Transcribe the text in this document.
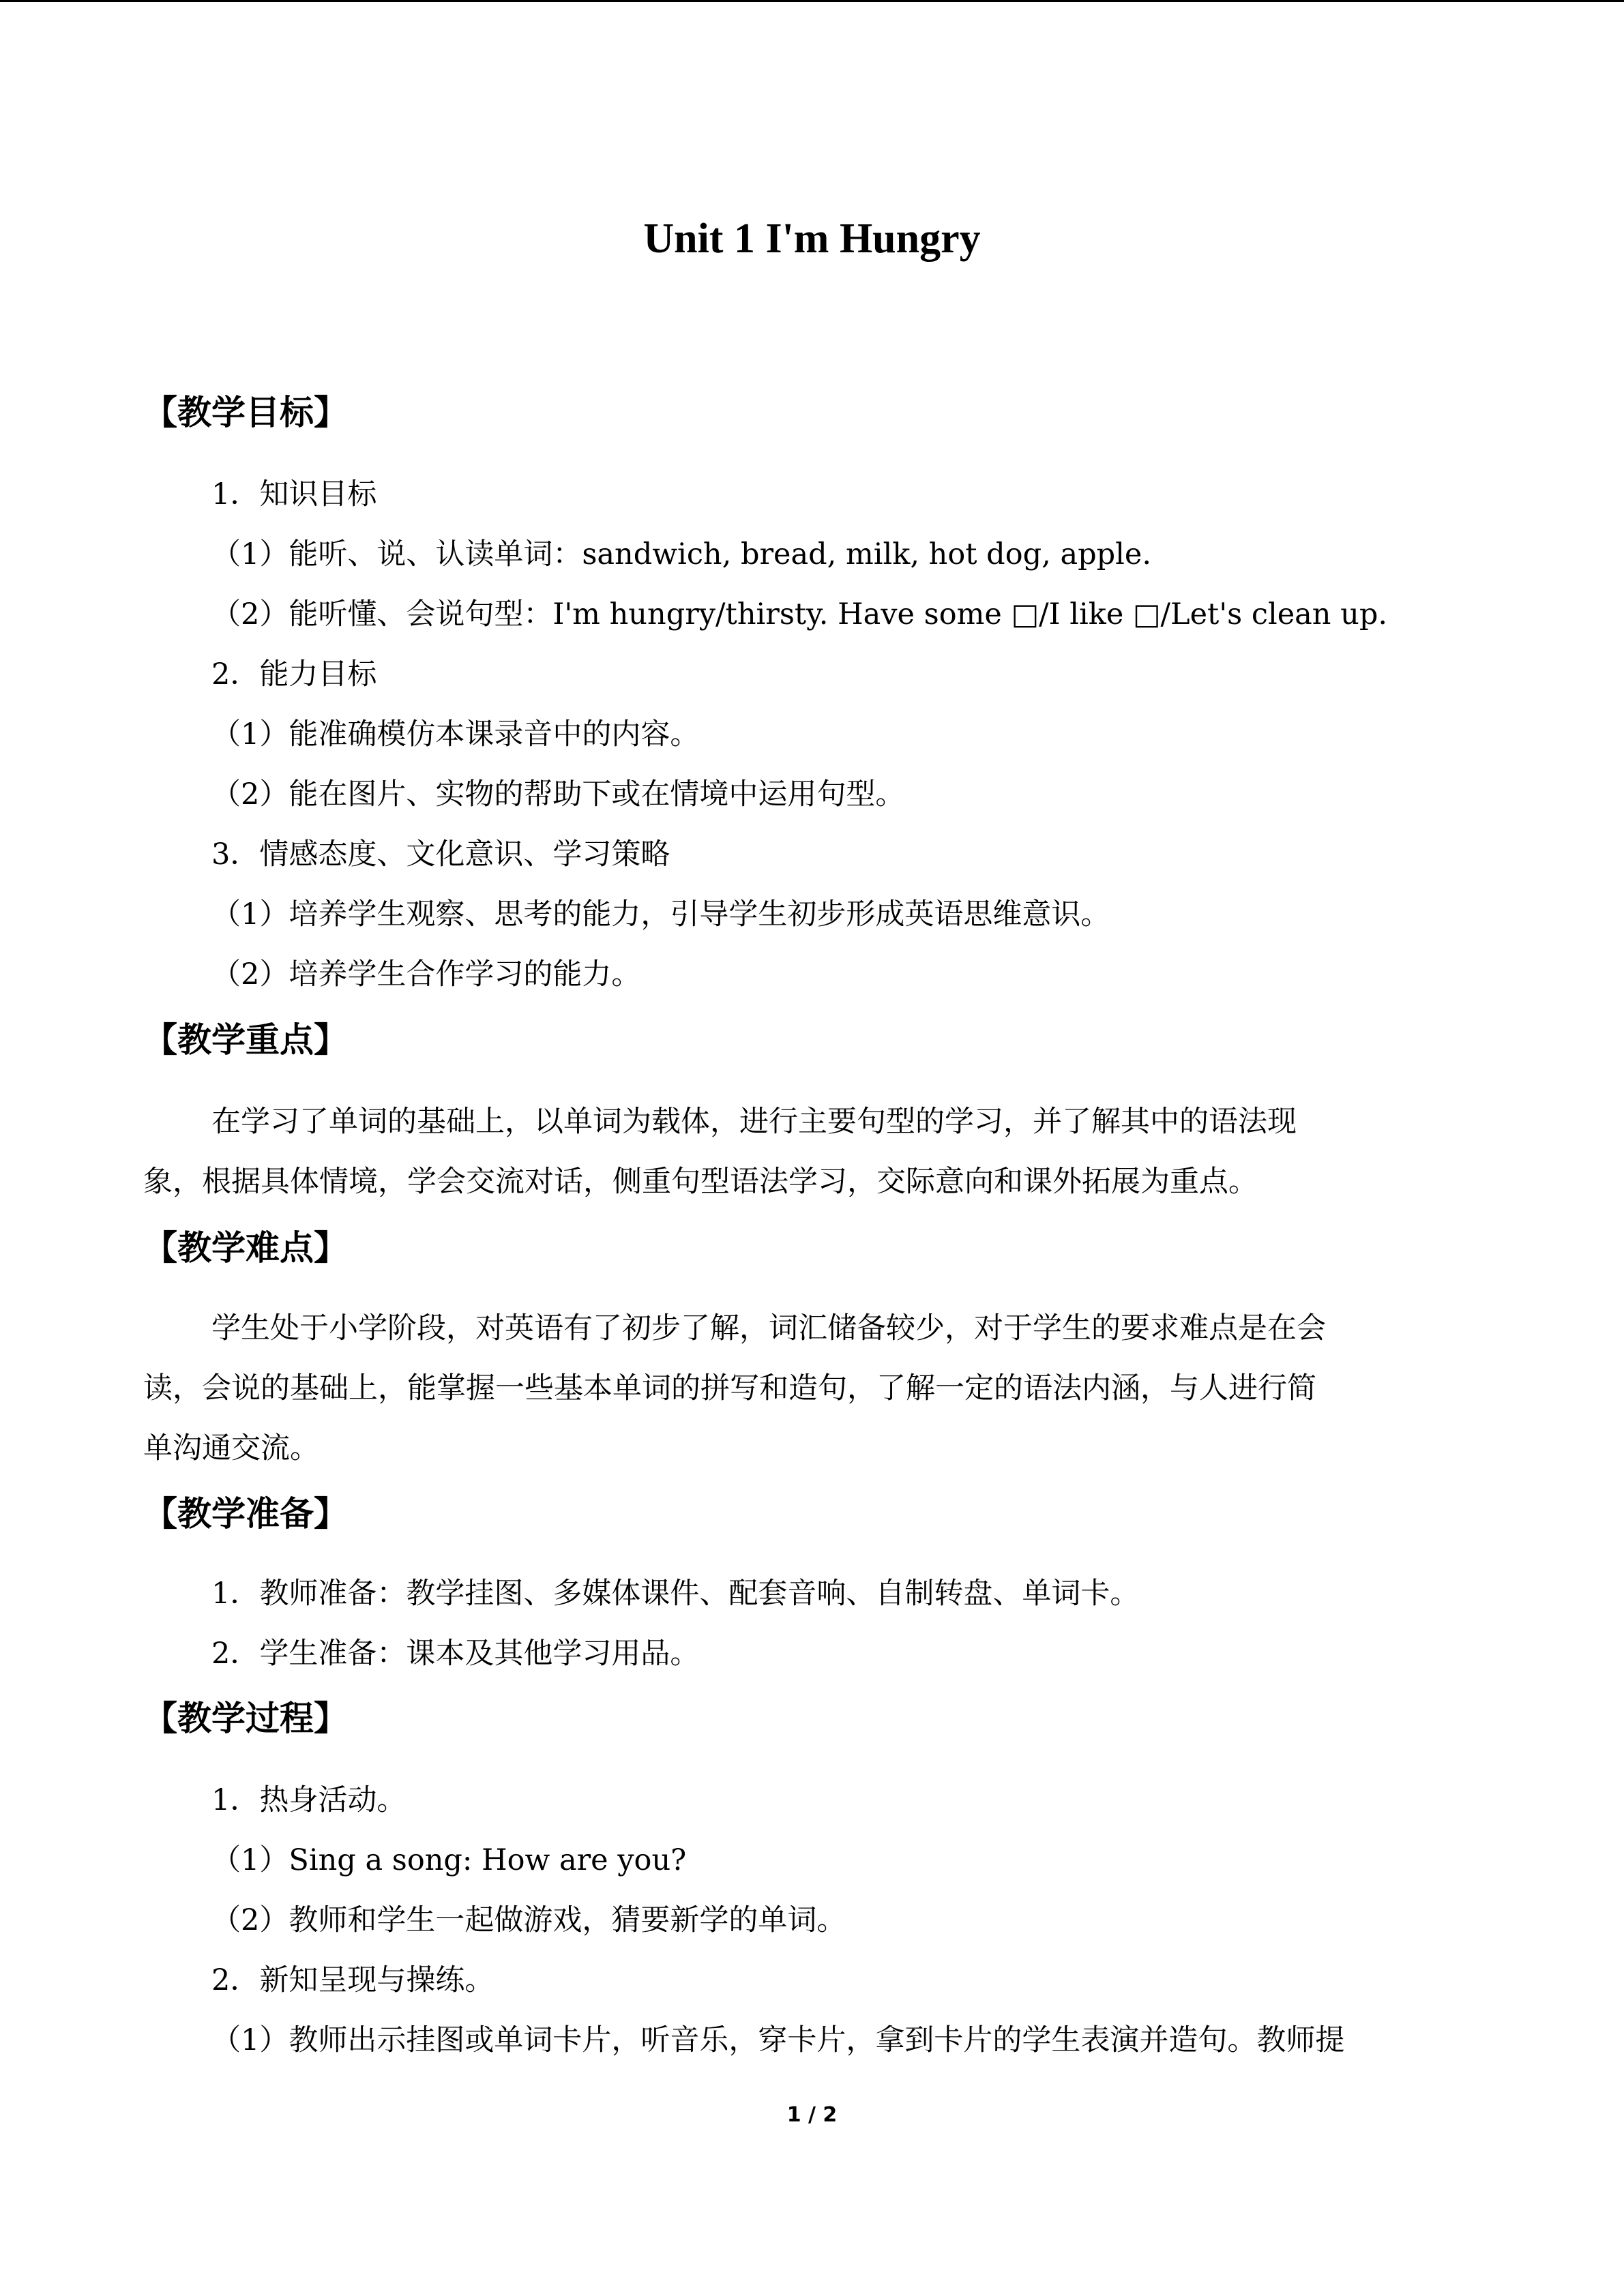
Unit 1 I'm Hungry
【教学目标】
1．知识目标
（1）能听、说、认读单词：sandwich, bread, milk, hot dog, apple.
（2）能听懂、会说句型：I'm hungry/thirsty. Have some □/I like □/Let's clean up.
2．能力目标
（1）能准确模仿本课录音中的内容。
（2）能在图片、实物的帮助下或在情境中运用句型。
3．情感态度、文化意识、学习策略
（1）培养学生观察、思考的能力，引导学生初步形成英语思维意识。
（2）培养学生合作学习的能力。
【教学重点】
在学习了单词的基础上，以单词为载体，进行主要句型的学习，并了解其中的语法现
象，根据具体情境，学会交流对话，侧重句型语法学习，交际意向和课外拓展为重点。
【教学难点】
学生处于小学阶段，对英语有了初步了解，词汇储备较少，对于学生的要求难点是在会
读，会说的基础上，能掌握一些基本单词的拼写和造句，了解一定的语法内涵，与人进行简
单沟通交流。
【教学准备】
1．教师准备：教学挂图、多媒体课件、配套音响、自制转盘、单词卡。
2．学生准备：课本及其他学习用品。
【教学过程】
1．热身活动。
（1）Sing a song: How are you?
（2）教师和学生一起做游戏，猜要新学的单词。
2．新知呈现与操练。
（1）教师出示挂图或单词卡片，听音乐，穿卡片，拿到卡片的学生表演并造句。教师提
1 / 2
